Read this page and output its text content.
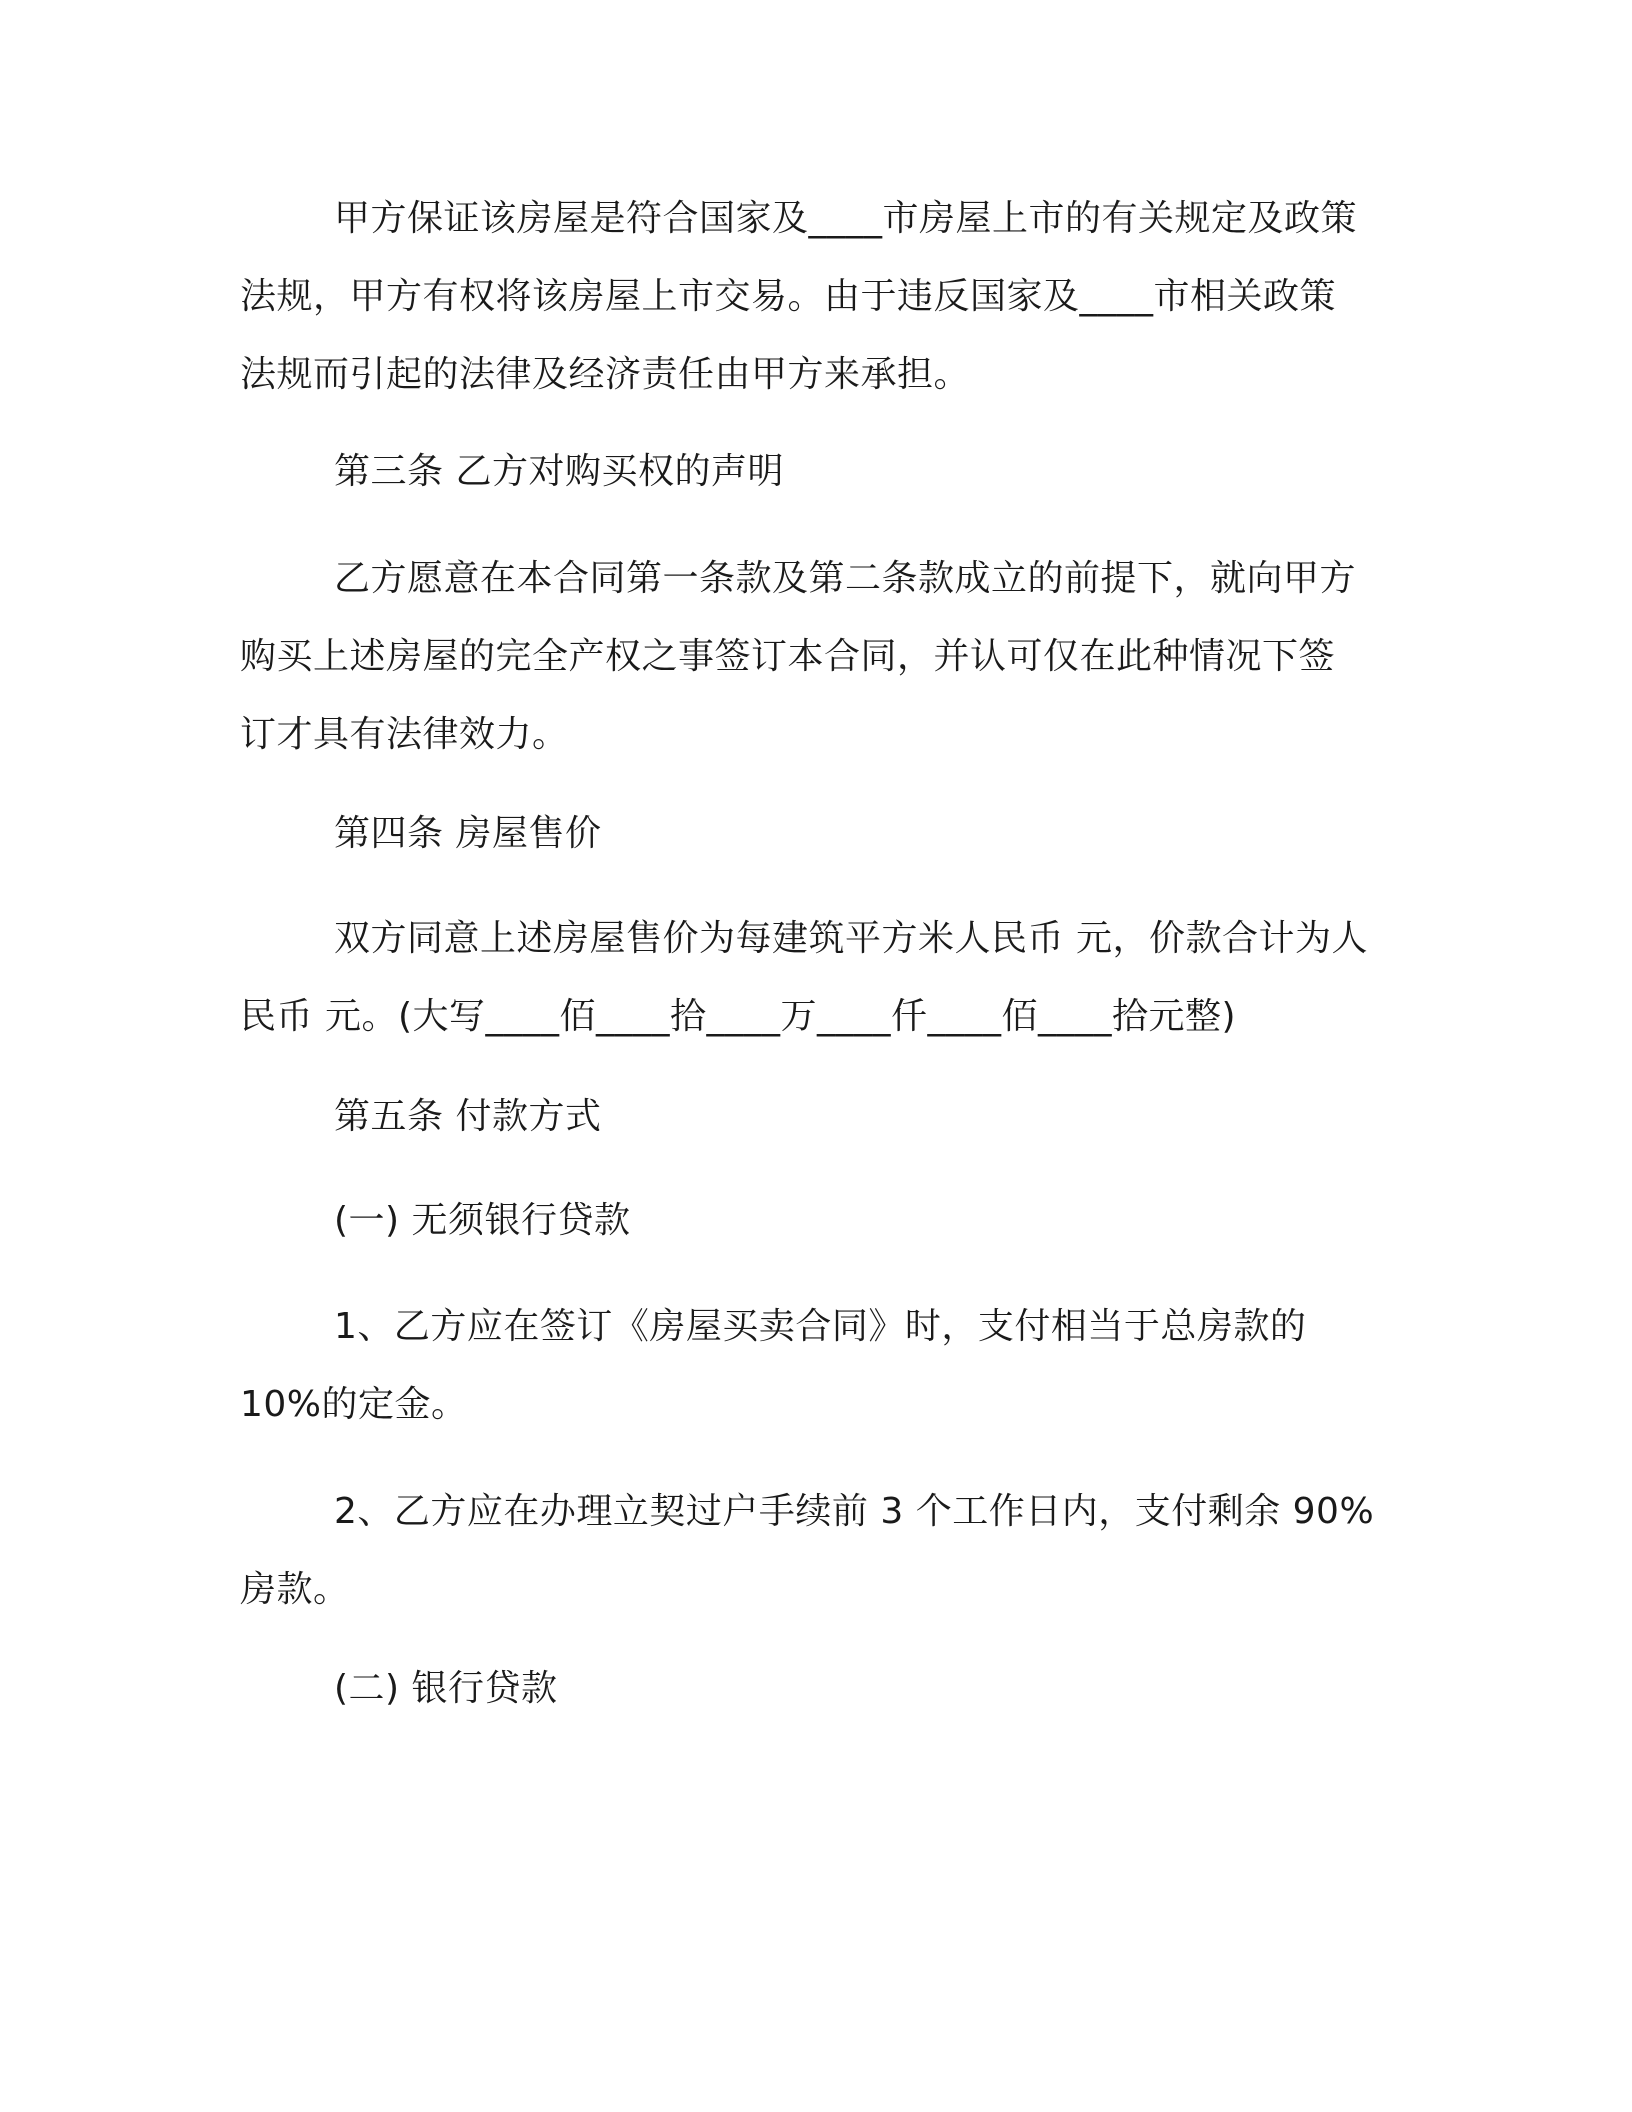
甲方保证该房屋是符合国家及____市房屋上市的有关规定及政策
法规，甲方有权将该房屋上市交易。由于违反国家及____市相关政策
法规而引起的法律及经济责任由甲方来承担。

第三条 乙方对购买权的声明

乙方愿意在本合同第一条款及第二条款成立的前提下，就向甲方
购买上述房屋的完全产权之事签订本合同，并认可仅在此种情况下签
订才具有法律效力。

第四条 房屋售价

双方同意上述房屋售价为每建筑平方米人民币 元，价款合计为人
民币 元。(大写____佰____拾____万____仟____佰____拾元整)

第五条 付款方式

(一) 无须银行贷款

1、乙方应在签订《房屋买卖合同》时，支付相当于总房款的
10%的定金。

2、乙方应在办理立契过户手续前 3 个工作日内，支付剩余 90%
房款。

(二) 银行贷款
